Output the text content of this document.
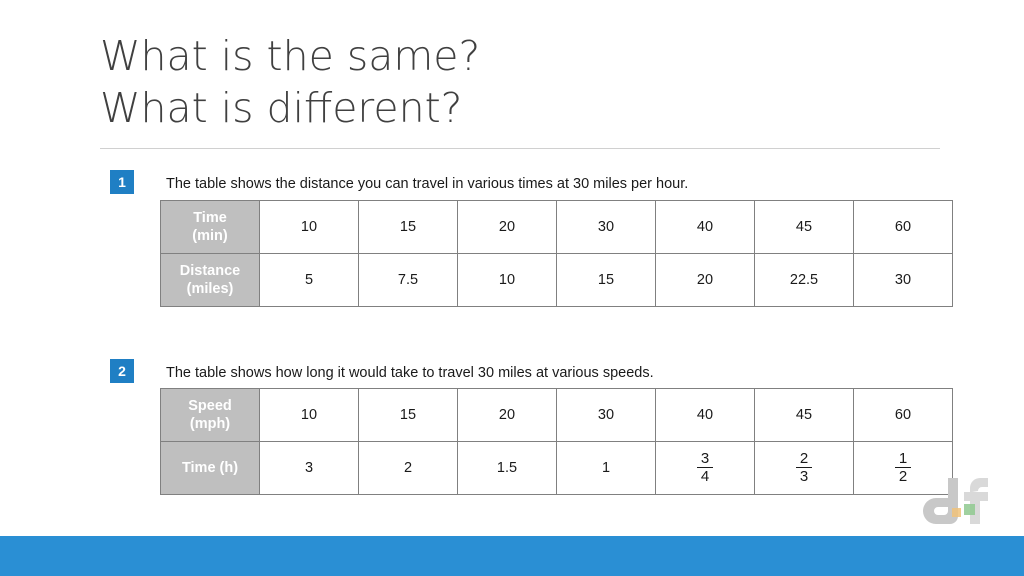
What is the same?
What is different?
1	The table shows the distance you can travel in various times at 30 miles per hour.
Time
(min)	10	15	20	30	40	45	60
Distance
(miles)	5	7.5	10	15	20	22.5	30
2	The table shows how long it would take to travel 30 miles at various speeds.
Speed
(mph)	10	15	20	30	40	45	60
Time (h)	3	2	1.5	1	$\frac{3}{4}$	$\frac{2}{3}$	$\frac{1}{2}$
